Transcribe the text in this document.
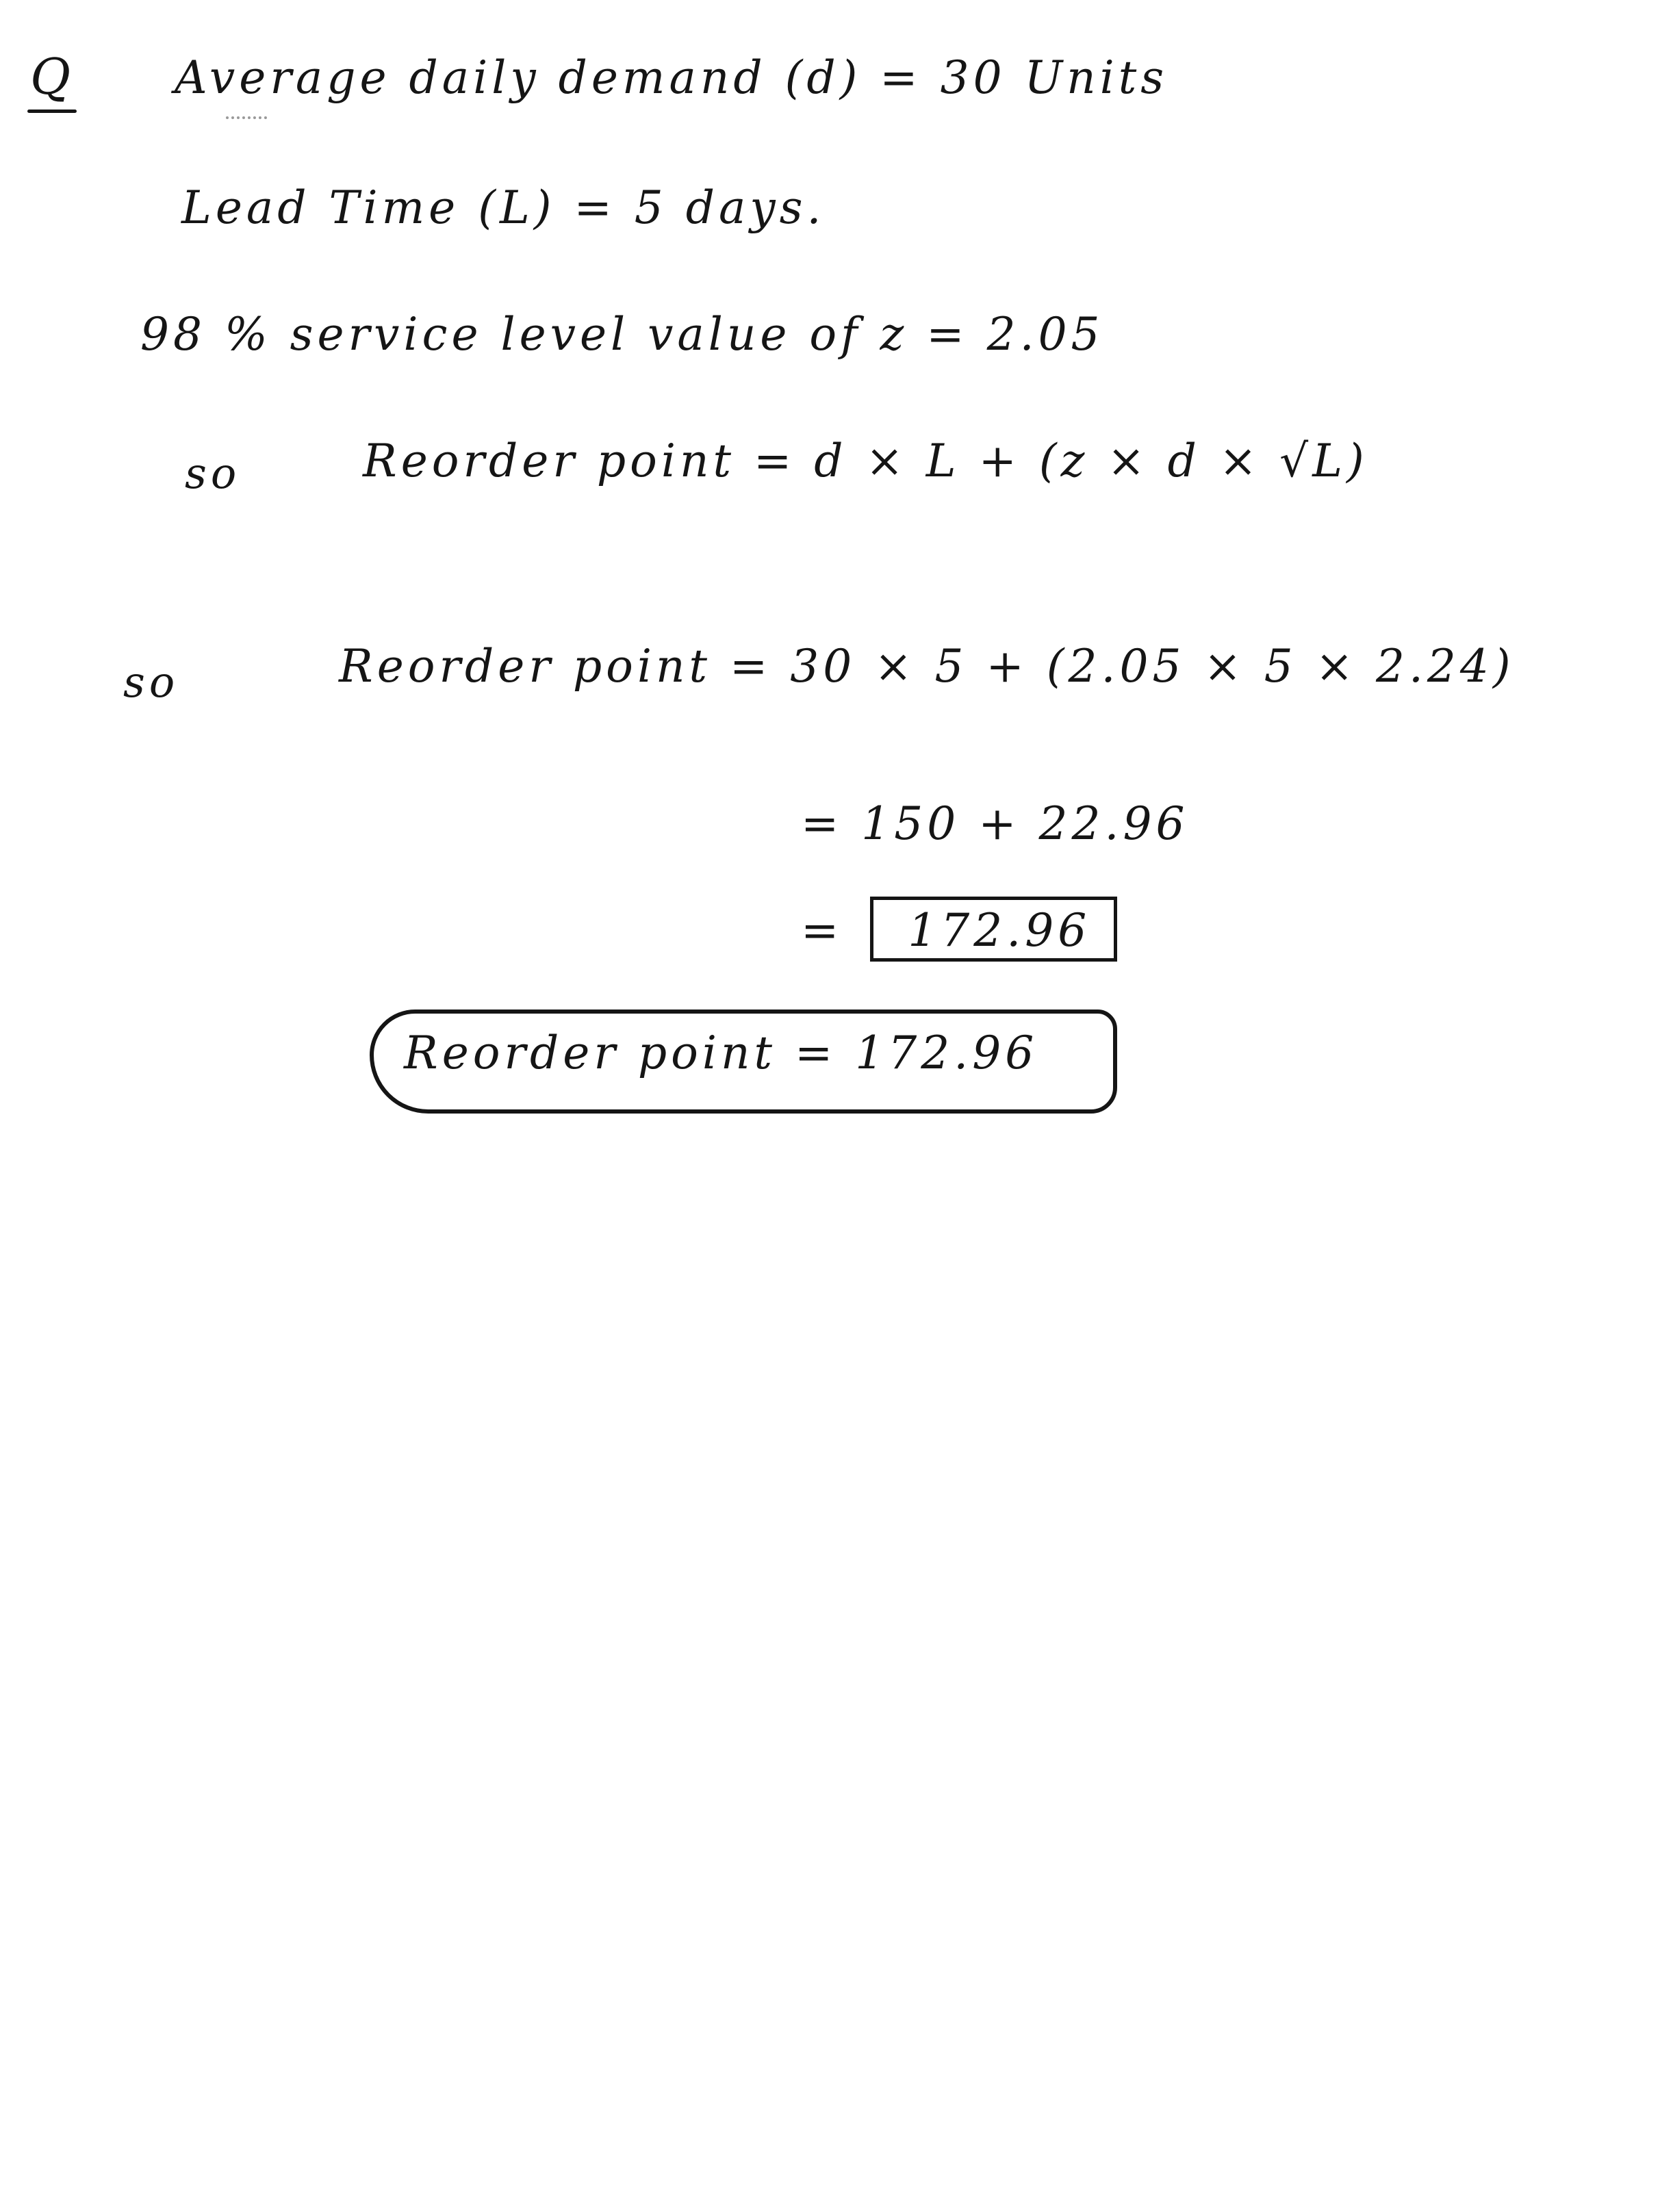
Q Average daily demand (d) = 30 Units
Lead Time (L) = 5 days.
98 % service level value of z = 2.05
so	Reorder point = d × L + (z × d × √L)
so	Reorder point = 30 × 5 + (2.05 × 5 × 2.24)
= 150 + 22.96
= 172.96
Reorder point = 172.96
